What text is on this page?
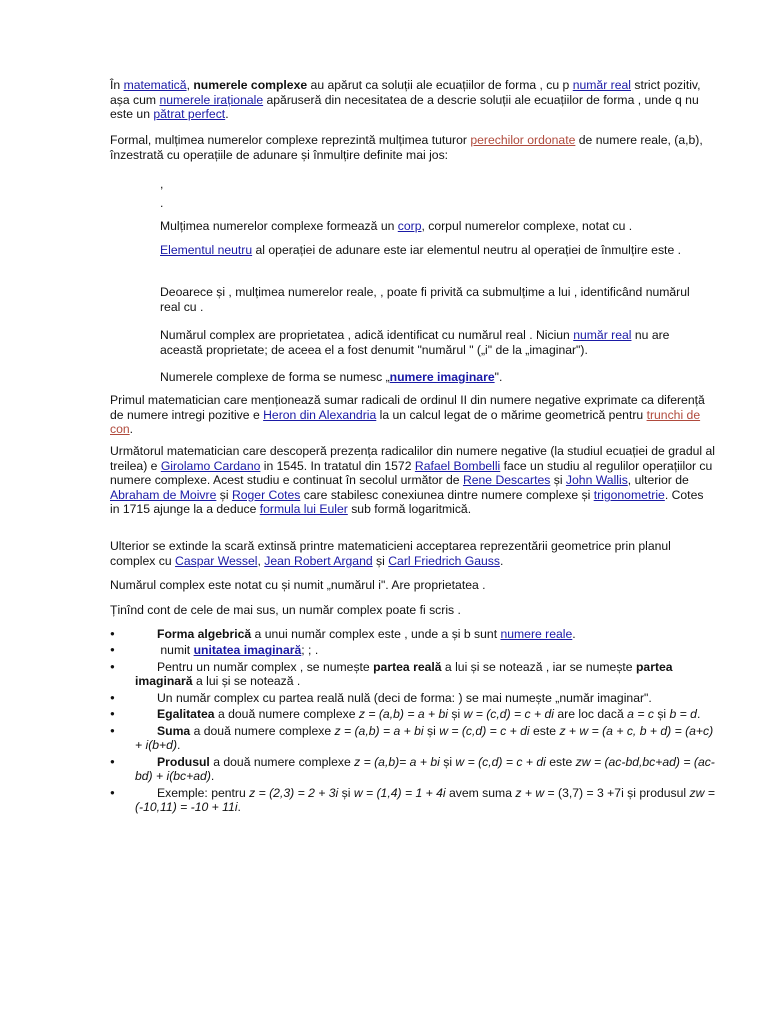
În matematică, numerele complexe au apărut ca soluții ale ecuațiilor de forma , cu p număr real strict pozitiv, așa cum numerele iraționale apăruseră din necesitatea de a descrie soluții ale ecuațiilor de forma , unde q nu este un pătrat perfect.

Formal, mulțimea numerelor complexe reprezintă mulțimea tuturor perechilor ordonate de numere reale, (a,b), înzestrată cu operațiile de adunare și înmulțire definite mai jos:

,

.

Mulțimea numerelor complexe formează un corp, corpul numerelor complexe, notat cu .

Elementul neutru al operației de adunare este iar elementul neutru al operației de înmulțire este .

Deoarece și , mulțimea numerelor reale, , poate fi privită ca submulțime a lui , identificând numărul real cu .

Numărul complex are proprietatea , adică identificat cu numărul real . Niciun număr real nu are această proprietate; de aceea el a fost denumit "numărul " („i" de la „imaginar").

Numerele complexe de forma se numesc „numere imaginare".

Primul matematician care menționează sumar radicali de ordinul II din numere negative exprimate ca diferență de numere intregi pozitive e Heron din Alexandria la un calcul legat de o mărime geometrică pentru trunchi de con.

Următorul matematician care descoperă prezența radicalilor din numere negative (la studiul ecuației de gradul al treilea) e Girolamo Cardano in 1545. In tratatul din 1572 Rafael Bombelli face un studiu al regulilor operațiilor cu numere complexe. Acest studiu e continuat în secolul următor de Rene Descartes și John Wallis, ulterior de Abraham de Moivre și Roger Cotes care stabilesc conexiunea dintre numere complexe și trigonometrie. Cotes in 1715 ajunge la a deduce formula lui Euler sub formă logaritmică.

Ulterior se extinde la scară extinsă printre matematicieni acceptarea reprezentării geometrice prin planul complex cu Caspar Wessel, Jean Robert Argand și Carl Friedrich Gauss.

Numărul complex este notat cu și numit „numărul i". Are proprietatea .

Ținînd cont de cele de mai sus, un număr complex poate fi scris .

●	Forma algebrică a unui număr complex este , unde a și b sunt numere reale.
●	numit unitatea imaginară; ; .
●	Pentru un număr complex , se numește partea reală a lui și se notează , iar se numește partea imaginară a lui și se notează .
●	Un număr complex cu partea reală nulă (deci de forma: ) se mai numește „număr imaginar".
●	Egalitatea a două numere complexe z = (a,b) = a + bi și w = (c,d) = c + di are loc dacă a = c și b = d.
●	Suma a două numere complexe z = (a,b) = a + bi și w = (c,d) = c + di este z + w = (a + c, b + d) = (a+c) + i(b+d).
●	Produsul a două numere complexe z = (a,b)= a + bi și w = (c,d) = c + di este zw = (ac-bd,bc+ad) = (ac-bd) + i(bc+ad).
●	Exemple: pentru z = (2,3) = 2 + 3i și w = (1,4) = 1 + 4i avem suma z + w = (3,7) = 3 +7i și produsul zw = (-10,11) = -10 + 11i.
